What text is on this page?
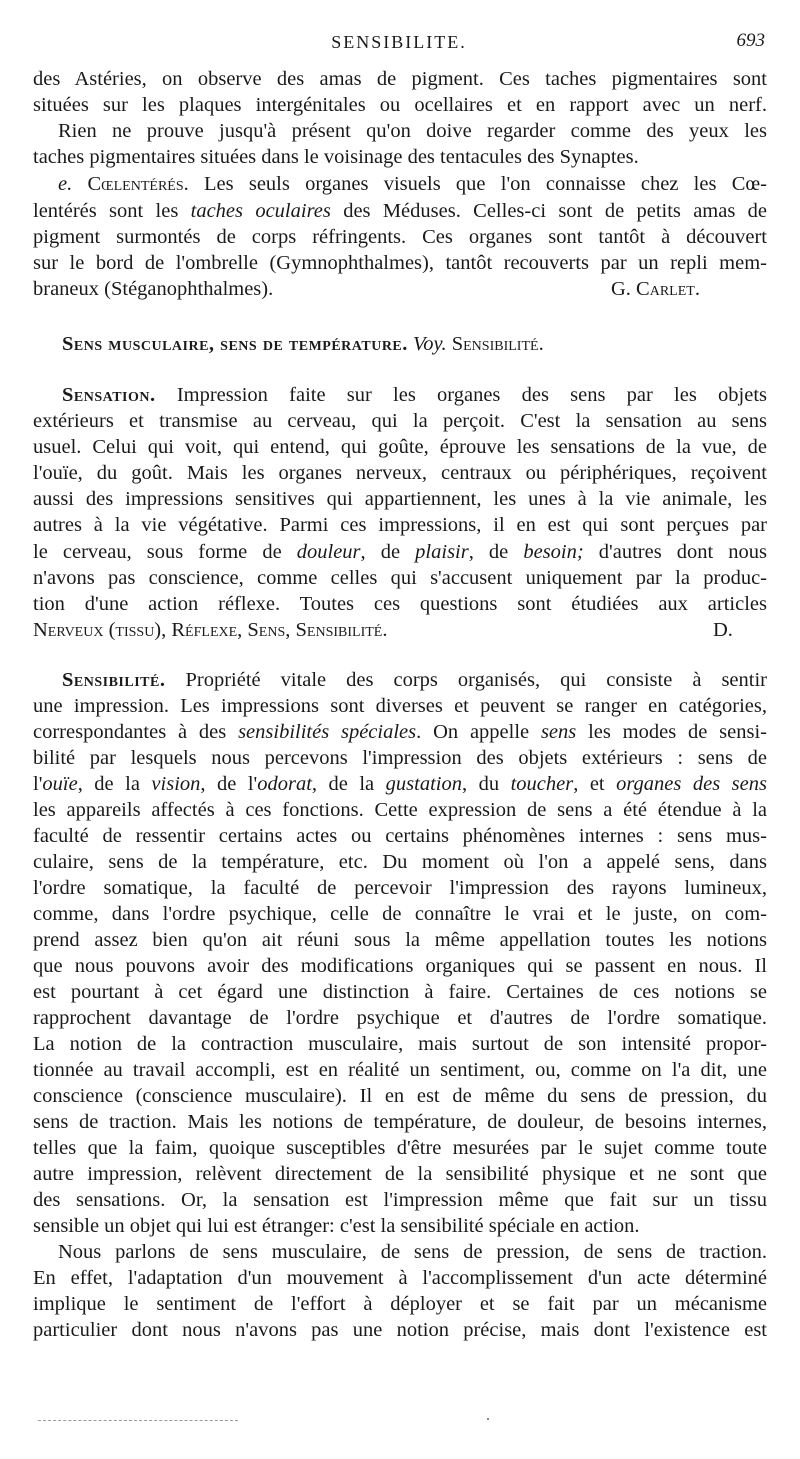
SENSIBILITE.	693
des Astéries, on observe des amas de pigment. Ces taches pigmentaires sont
situées sur les plaques intergénitales ou ocellaires et en rapport avec un nerf.
Rien ne prouve jusqu'à présent qu'on doive regarder comme des yeux les
taches pigmentaires situées dans le voisinage des tentacules des Synaptes.
e. Cœlentérés. Les seuls organes visuels que l'on connaisse chez les Cœ-
lentérés sont les taches oculaires des Méduses. Celles-ci sont de petits amas de
pigment surmontés de corps réfringents. Ces organes sont tantôt à découvert
sur le bord de l'ombrelle (Gymnophthalmes), tantôt recouverts par un repli mem-
braneux (Stéganophthalmes).	G. Carlet.
Sens musculaire, sens de température. Voy. Sensibilité.
Sensation. Impression faite sur les organes des sens par les objets
extérieurs et transmise au cerveau, qui la perçoit. C'est la sensation au sens
usuel. Celui qui voit, qui entend, qui goûte, éprouve les sensations de la vue, de
l'ouïe, du goût. Mais les organes nerveux, centraux ou périphériques, reçoivent
aussi des impressions sensitives qui appartiennent, les unes à la vie animale, les
autres à la vie végétative. Parmi ces impressions, il en est qui sont perçues par
le cerveau, sous forme de douleur, de plaisir, de besoin; d'autres dont nous
n'avons pas conscience, comme celles qui s'accusent uniquement par la produc-
tion d'une action réflexe. Toutes ces questions sont étudiées aux articles
Nerveux (tissu), Réflexe, Sens, Sensibilité.	D.
Sensibilité. Propriété vitale des corps organisés, qui consiste à sentir
une impression. Les impressions sont diverses et peuvent se ranger en catégories,
correspondantes à des sensibilités spéciales. On appelle sens les modes de sensi-
bilité par lesquels nous percevons l'impression des objets extérieurs : sens de
l'ouïe, de la vision, de l'odorat, de la gustation, du toucher, et organes des sens
les appareils affectés à ces fonctions. Cette expression de sens a été étendue à la
faculté de ressentir certains actes ou certains phénomènes internes : sens mus-
culaire, sens de la température, etc. Du moment où l'on a appelé sens, dans
l'ordre somatique, la faculté de percevoir l'impression des rayons lumineux,
comme, dans l'ordre psychique, celle de connaître le vrai et le juste, on com-
prend assez bien qu'on ait réuni sous la même appellation toutes les notions
que nous pouvons avoir des modifications organiques qui se passent en nous. Il
est pourtant à cet égard une distinction à faire. Certaines de ces notions se
rapprochent davantage de l'ordre psychique et d'autres de l'ordre somatique.
La notion de la contraction musculaire, mais surtout de son intensité propor-
tionnée au travail accompli, est en réalité un sentiment, ou, comme on l'a dit, une
conscience (conscience musculaire). Il en est de même du sens de pression, du
sens de traction. Mais les notions de température, de douleur, de besoins internes,
telles que la faim, quoique susceptibles d'être mesurées par le sujet comme toute
autre impression, relèvent directement de la sensibilité physique et ne sont que
des sensations. Or, la sensation est l'impression même que fait sur un tissu
sensible un objet qui lui est étranger: c'est la sensibilité spéciale en action.
Nous parlons de sens musculaire, de sens de pression, de sens de traction.
En effet, l'adaptation d'un mouvement à l'accomplissement d'un acte déterminé
implique le sentiment de l'effort à déployer et se fait par un mécanisme
particulier dont nous n'avons pas une notion précise, mais dont l'existence est
